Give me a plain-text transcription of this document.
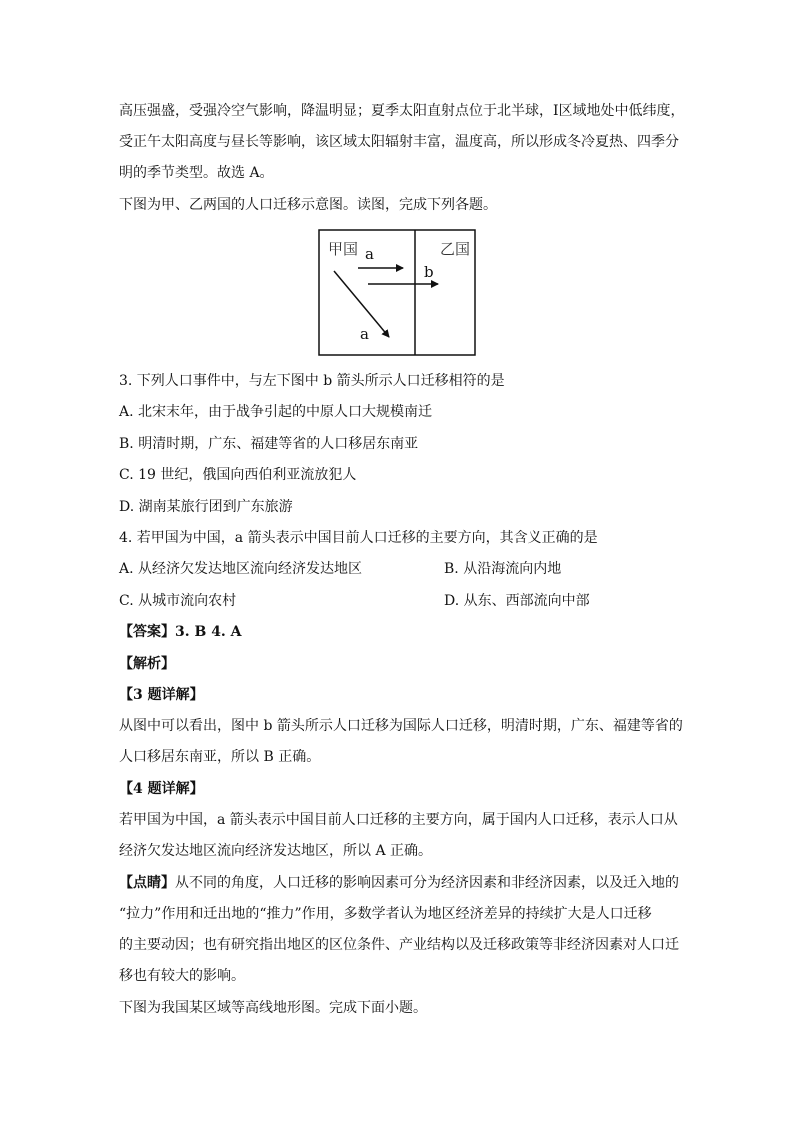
高压强盛，受强冷空气影响，降温明显；夏季太阳直射点位于北半球，Ⅰ区域地处中低纬度，
受正午太阳高度与昼长等影响，该区域太阳辐射丰富，温度高，所以形成冬冷夏热、四季分
明的季节类型。故选 A。
下图为甲、乙两国的人口迁移示意图。读图，完成下列各题。
甲国	乙国
a
b
a
3. 下列人口事件中，与左下图中 b 箭头所示人口迁移相符的是
A. 北宋末年，由于战争引起的中原人口大规模南迁
B. 明清时期，广东、福建等省的人口移居东南亚
C. 19 世纪，俄国向西伯利亚流放犯人
D. 湖南某旅行团到广东旅游
4. 若甲国为中国，a 箭头表示中国目前人口迁移的主要方向，其含义正确的是
A. 从经济欠发达地区流向经济发达地区	B. 从沿海流向内地
C. 从城市流向农村	D. 从东、西部流向中部
【答案】3. B 4. A
【解析】
【3 题详解】
从图中可以看出，图中 b 箭头所示人口迁移为国际人口迁移，明清时期，广东、福建等省的
人口移居东南亚，所以 B 正确。
【4 题详解】
若甲国为中国，a 箭头表示中国目前人口迁移的主要方向，属于国内人口迁移，表示人口从
经济欠发达地区流向经济发达地区，所以 A 正确。
【点睛】从不同的角度，人口迁移的影响因素可分为经济因素和非经济因素，以及迁入地的
“拉力”作用和迁出地的“推力”作用，多数学者认为地区经济差异的持续扩大是人口迁移
的主要动因；也有研究指出地区的区位条件、产业结构以及迁移政策等非经济因素对人口迁
移也有较大的影响。
下图为我国某区域等高线地形图。完成下面小题。
